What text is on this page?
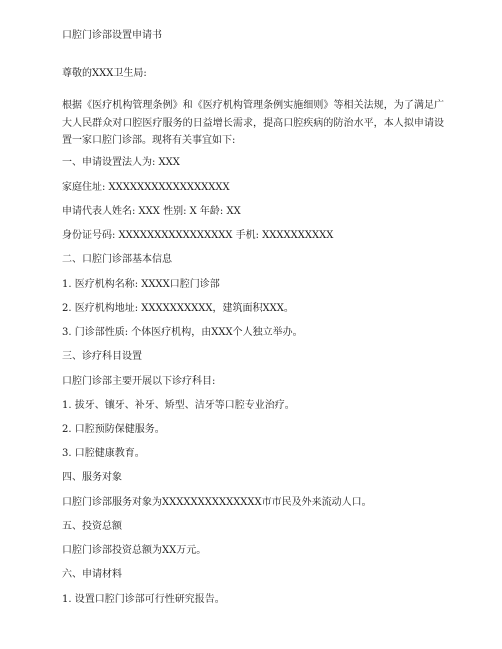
口腔门诊部设置申请书
尊敬的XXX卫生局:
根据《医疗机构管理条例》和《医疗机构管理条例实施细则》等相关法规，为了满足广大人民群众对口腔医疗服务的日益增长需求，提高口腔疾病的防治水平，本人拟申请设置一家口腔门诊部。现将有关事宜如下:
一、申请设置法人为: XXX
家庭住址: XXXXXXXXXXXXXXXXX
申请代表人姓名: XXX 性别: X 年龄: XX
身份证号码: XXXXXXXXXXXXXXXX 手机: XXXXXXXXXX
二、口腔门诊部基本信息
1. 医疗机构名称: XXXX口腔门诊部
2. 医疗机构地址: XXXXXXXXXX，建筑面积XXX。
3. 门诊部性质: 个体医疗机构，由XXX个人独立举办。
三、诊疗科目设置
口腔门诊部主要开展以下诊疗科目:
1. 拔牙、镶牙、补牙、矫型、洁牙等口腔专业治疗。
2. 口腔预防保健服务。
3. 口腔健康教育。
四、服务对象
口腔门诊部服务对象为XXXXXXXXXXXXXX市市民及外来流动人口。
五、投资总额
口腔门诊部投资总额为XX万元。
六、申请材料
1. 设置口腔门诊部可行性研究报告。
